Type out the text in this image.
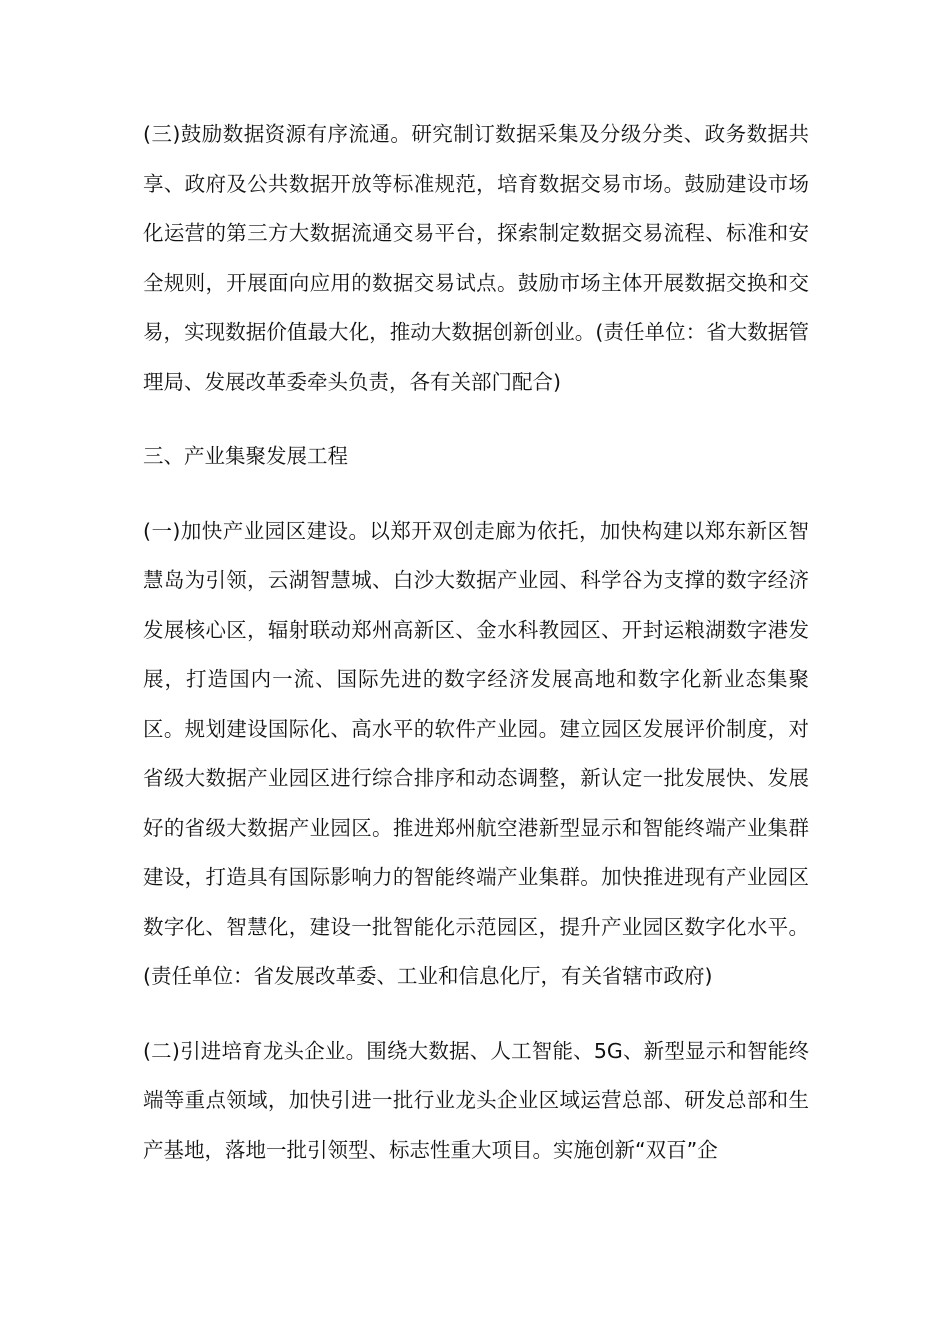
(三)鼓励数据资源有序流通。研究制订数据采集及分级分类、政务数据共享、政府及公共数据开放等标准规范，培育数据交易市场。鼓励建设市场化运营的第三方大数据流通交易平台，探索制定数据交易流程、标准和安全规则，开展面向应用的数据交易试点。鼓励市场主体开展数据交换和交易，实现数据价值最大化，推动大数据创新创业。(责任单位：省大数据管理局、发展改革委牵头负责，各有关部门配合)

三、产业集聚发展工程

(一)加快产业园区建设。以郑开双创走廊为依托，加快构建以郑东新区智慧岛为引领，云湖智慧城、白沙大数据产业园、科学谷为支撑的数字经济发展核心区，辐射联动郑州高新区、金水科教园区、开封运粮湖数字港发展，打造国内一流、国际先进的数字经济发展高地和数字化新业态集聚区。规划建设国际化、高水平的软件产业园。建立园区发展评价制度，对省级大数据产业园区进行综合排序和动态调整，新认定一批发展快、发展好的省级大数据产业园区。推进郑州航空港新型显示和智能终端产业集群建设，打造具有国际影响力的智能终端产业集群。加快推进现有产业园区数字化、智慧化，建设一批智能化示范园区，提升产业园区数字化水平。(责任单位：省发展改革委、工业和信息化厅，有关省辖市政府)

(二)引进培育龙头企业。围绕大数据、人工智能、5G、新型显示和智能终端等重点领域，加快引进一批行业龙头企业区域运营总部、研发总部和生产基地，落地一批引领型、标志性重大项目。实施创新“双百”企
